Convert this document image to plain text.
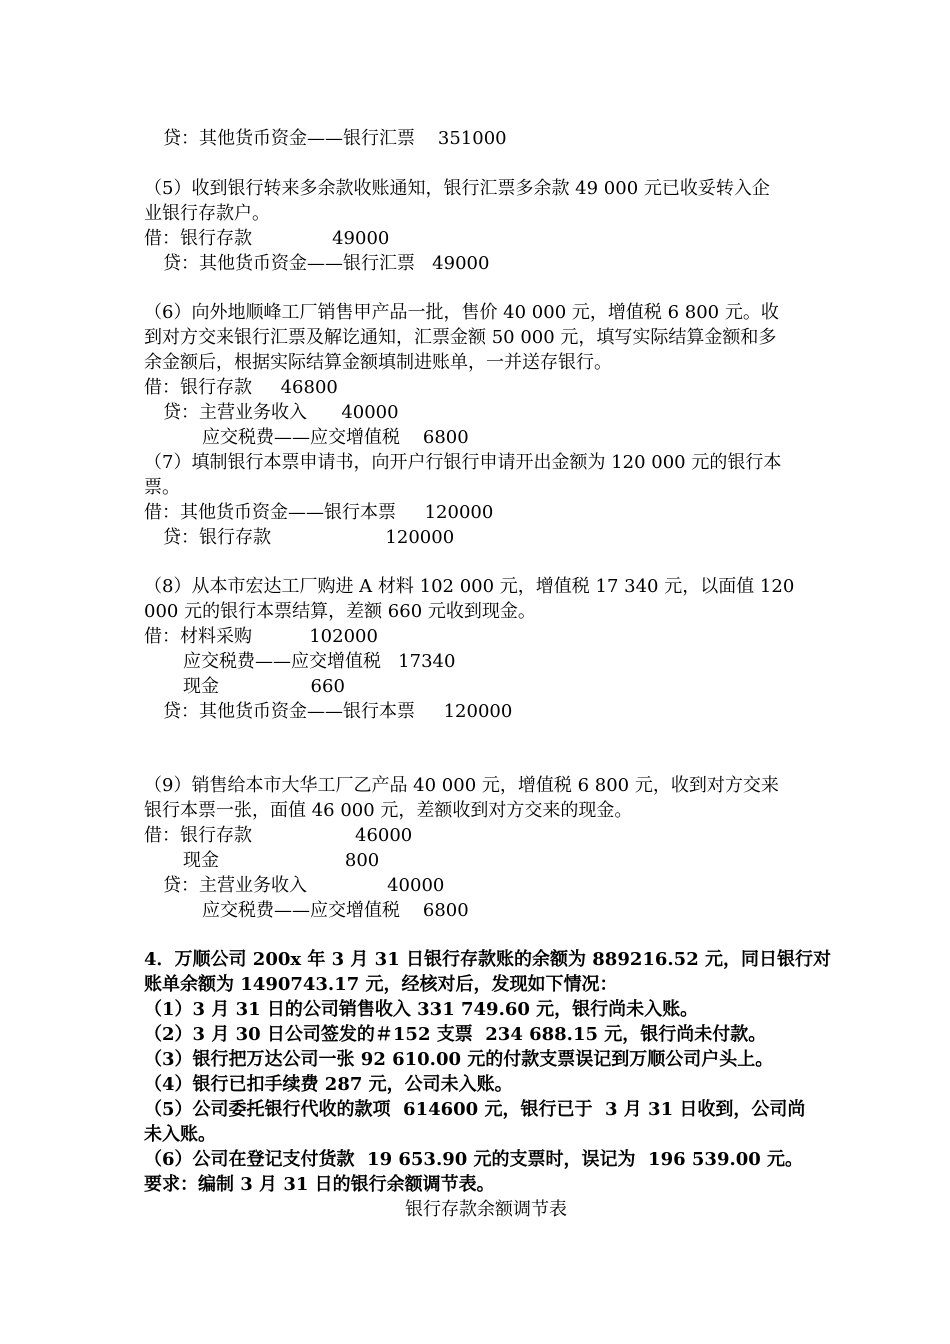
贷：其他货币资金——银行汇票    351000
（5）收到银行转来多余款收账通知，银行汇票多余款 49 000 元已收妥转入企
业银行存款户。
借：银行存款              49000
贷：其他货币资金——银行汇票   49000
（6）向外地顺峰工厂销售甲产品一批，售价 40 000 元，增值税 6 800 元。收
到对方交来银行汇票及解讫通知，汇票金额 50 000 元，填写实际结算金额和多
余金额后，根据实际结算金额填制进账单，一并送存银行。
借：银行存款     46800
贷：主营业务收入      40000
应交税费——应交增值税    6800
（7）填制银行本票申请书，向开户行银行申请开出金额为 120 000 元的银行本
票。
借：其他货币资金——银行本票     120000
贷：银行存款                    120000
（8）从本市宏达工厂购进 A 材料 102 000 元，增值税 17 340 元，以面值 120
000 元的银行本票结算，差额 660 元收到现金。
借：材料采购          102000
应交税费——应交增值税   17340
现金                660
贷：其他货币资金——银行本票     120000
（9）销售给本市大华工厂乙产品 40 000 元，增值税 6 800 元，收到对方交来
银行本票一张，面值 46 000 元，差额收到对方交来的现金。
借：银行存款                  46000
现金                      800
贷：主营业务收入              40000
应交税费——应交增值税    6800
4．万顺公司 200x 年 3 月 31 日银行存款账的余额为 889216.52 元，同日银行对
账单余额为 1490743.17 元，经核对后，发现如下情况：
（1）3 月 31 日的公司销售收入 331 749.60 元，银行尚未入账。
（2）3 月 30 日公司签发的＃152 支票  234 688.15 元，银行尚未付款。
（3）银行把万达公司一张 92 610.00 元的付款支票误记到万顺公司户头上。
（4）银行已扣手续费 287 元，公司未入账。
（5）公司委托银行代收的款项  614600 元，银行已于  3 月 31 日收到，公司尚
未入账。
（6）公司在登记支付货款  19 653.90 元的支票时，误记为  196 539.00 元。
要求：编制 3 月 31 日的银行余额调节表。
银行存款余额调节表
